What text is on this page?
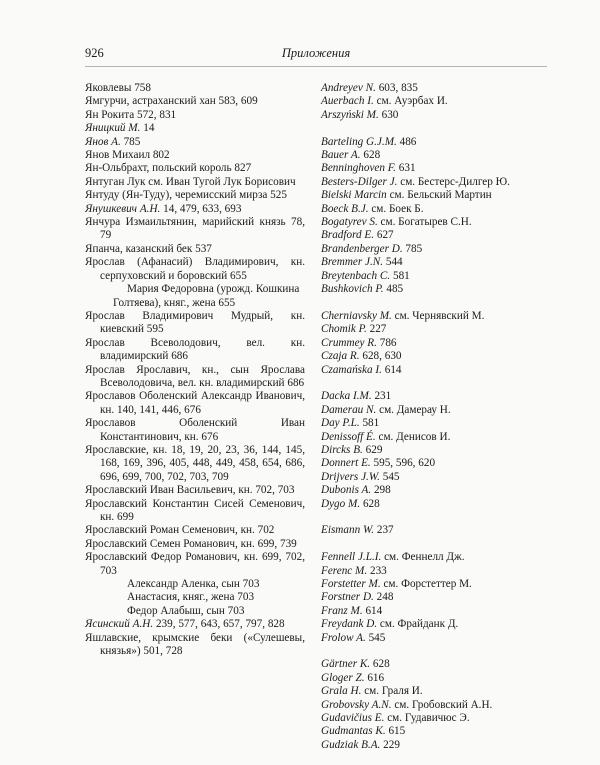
926	Приложения
Яковлевы 758
Ямгурчи, астраханский хан 583, 609
Ян Рокита 572, 831
Яницкий М. 14
Янов А. 785
Янов Михаил 802
Ян-Ольбрахт, польский король 827
Янтуган Лук см. Иван Тугой Лук Борисович
Янтуду (Ян-Туду), черемисский мирза 525
Янушкевич А.Н. 14, 479, 633, 693
Янчура Измаильтянин, марийский князь 78, 79
Япанча, казанский бек 537
Ярослав (Афанасий) Владимирович, кн. серпуховский и боровский 655
Мария Федоровна (урожд. Кошкина Голтяева), княг., жена 655
Ярослав Владимирович Мудрый, кн. киевский 595
Ярослав Всеволодович, вел. кн. владимирский 686
Ярослав Ярославич, кн., сын Ярослава Всеволодовича, вел. кн. владимирский 686
Ярославов Оболенский Александр Иванович, кн. 140, 141, 446, 676
Ярославов Оболенский Иван Константинович, кн. 676
Ярославские, кн. 18, 19, 20, 23, 36, 144, 145, 168, 169, 396, 405, 448, 449, 458, 654, 686, 696, 699, 700, 702, 703, 709
Ярославский Иван Васильевич, кн. 702, 703
Ярославский Константин Сисей Семенович, кн. 699
Ярославский Роман Семенович, кн. 702
Ярославский Семен Романович, кн. 699, 739
Ярославский Федор Романович, кн. 699, 702, 703
Александр Аленка, сын 703
Анастасия, княг., жена 703
Федор Алабыш, сын 703
Ясинский А.Н. 239, 577, 643, 657, 797, 828
Яшлавские, крымские беки («Сулешевы, князья») 501, 728
Andreyev N. 603, 835
Auerbach I. см. Ауэрбах И.
Arszyński M. 630
Barteling G.J.M. 486
Bauer A. 628
Benninghoven F. 631
Besters-Dilger J. см. Бестерс-Дилгер Ю.
Bielski Marcin см. Бельский Мартин
Boeck B.J. см. Боек Б.
Bogatyrev S. см. Богатырев С.Н.
Bradford E. 627
Brandenberger D. 785
Bremmer J.N. 544
Breytenbach C. 581
Bushkovich P. 485
Cherniavsky M. см. Чернявский М.
Chomik P. 227
Crummey R. 786
Czaja R. 628, 630
Czamańska I. 614
Dacka I.M. 231
Damerau N. см. Дамерау Н.
Day P.L. 581
Denissoff É. см. Денисов И.
Dircks B. 629
Donnert E. 595, 596, 620
Drijvers J.W. 545
Dubonis A. 298
Dygo M. 628
Eismann W. 237
Fennell J.L.I. см. Феннелл Дж.
Ferenc M. 233
Forstetter M. см. Форстеттер М.
Forstner D. 248
Franz M. 614
Freydank D. см. Фрайданк Д.
Frolow A. 545
Gärtner K. 628
Gloger Z. 616
Grala H. см. Граля И.
Grobovsky A.N. см. Гробовский А.Н.
Gudavičius E. см. Гудавичюс Э.
Gudmantas K. 615
Gudziak B.A. 229
